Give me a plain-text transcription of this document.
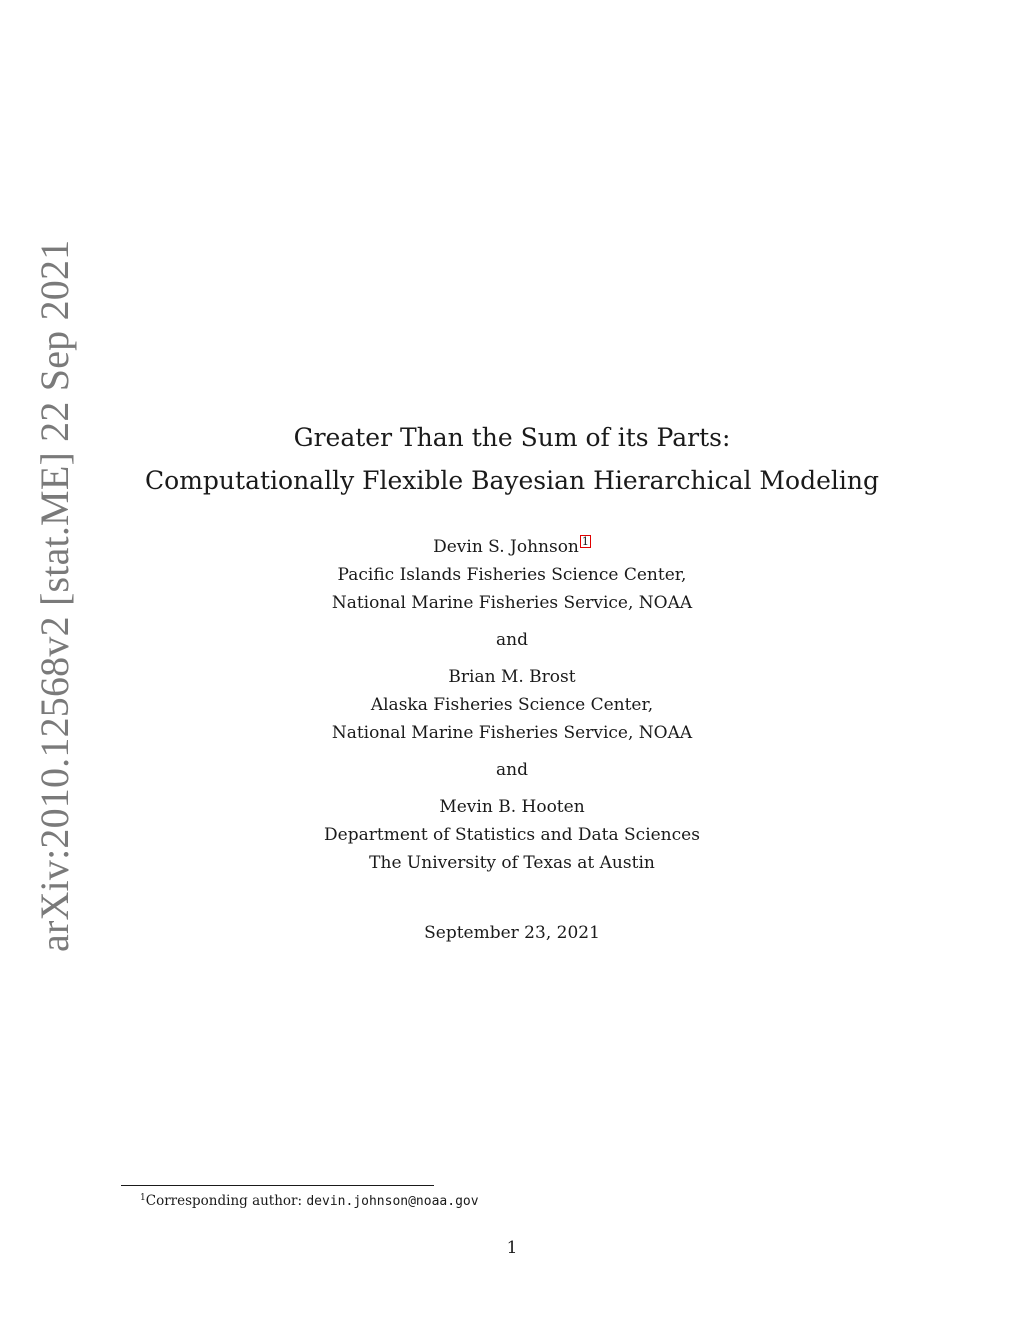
arXiv:2010.12568v2 [stat.ME] 22 Sep 2021	Greater Than the Sum of its Parts:
Computationally Flexible Bayesian Hierarchical Modeling
Devin S. Johnson 1
Pacific Islands Fisheries Science Center,
National Marine Fisheries Service, NOAA
and
Brian M. Brost
Alaska Fisheries Science Center,
National Marine Fisheries Service, NOAA
and
Mevin B. Hooten
Department of Statistics and Data Sciences
The University of Texas at Austin
September 23, 2021
$^1$Corresponding author: devin.johnson@noaa.gov
1
